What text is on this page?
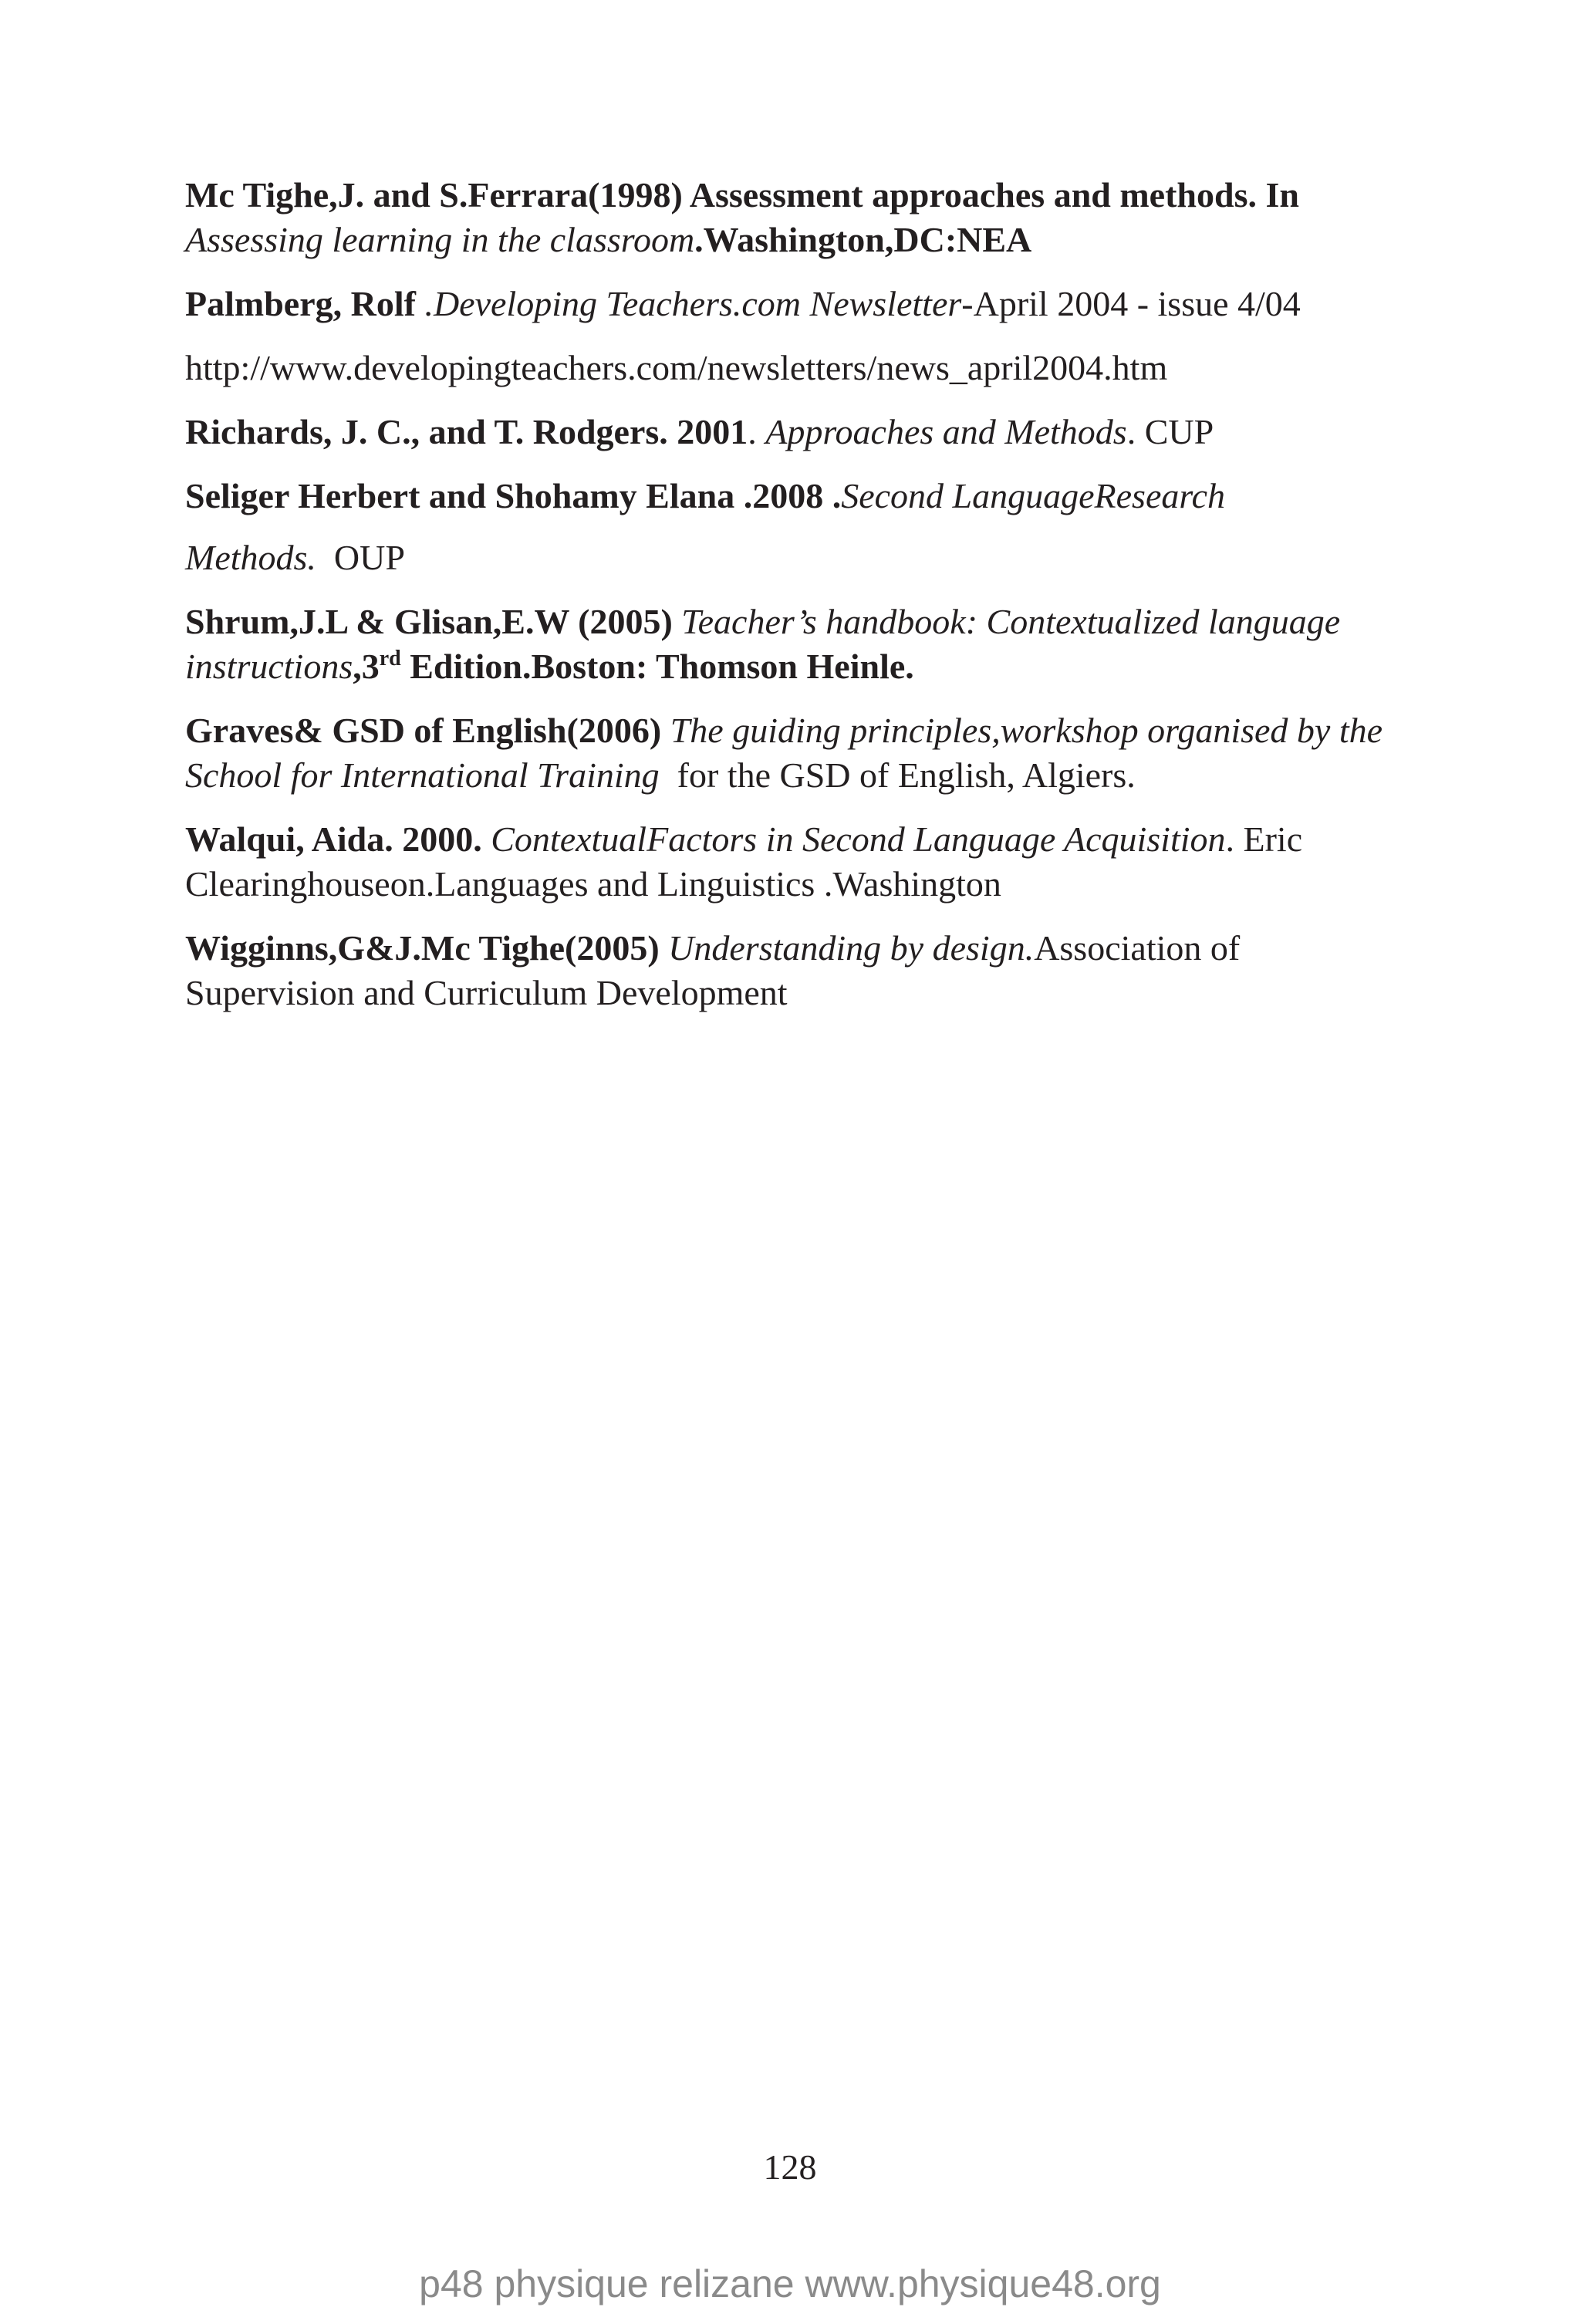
Mc Tighe,J. and S.Ferrara(1998) Assessment approaches and methods. In  Assessing learning in the classroom.Washington,DC:NEA

Palmberg, Rolf .Developing Teachers.com Newsletter-April 2004 - issue 4/04

http://www.developingteachers.com/newsletters/news_april2004.htm

Richards, J. C., and T. Rodgers. 2001. Approaches and Methods. CUP

Seliger Herbert and Shohamy Elana .2008 .Second LanguageResearch

Methods. OUP

Shrum,J.L & Glisan,E.W (2005) Teacher’s handbook: Contextualized language instructions,3rd Edition.Boston: Thomson Heinle.

Graves& GSD of English(2006) The guiding principles,workshop organised by the School for International Training for the GSD of English, Algiers.

Walqui, Aida. 2000. ContextualFactors in Second Language Acquisition. Eric Clearinghouseon.Languages and Linguistics .Washington

Wigginns,G&J.Mc Tighe(2005) Understanding by design.Association of Supervision and Curriculum Development

128
p48 physique relizane www.physique48.org
